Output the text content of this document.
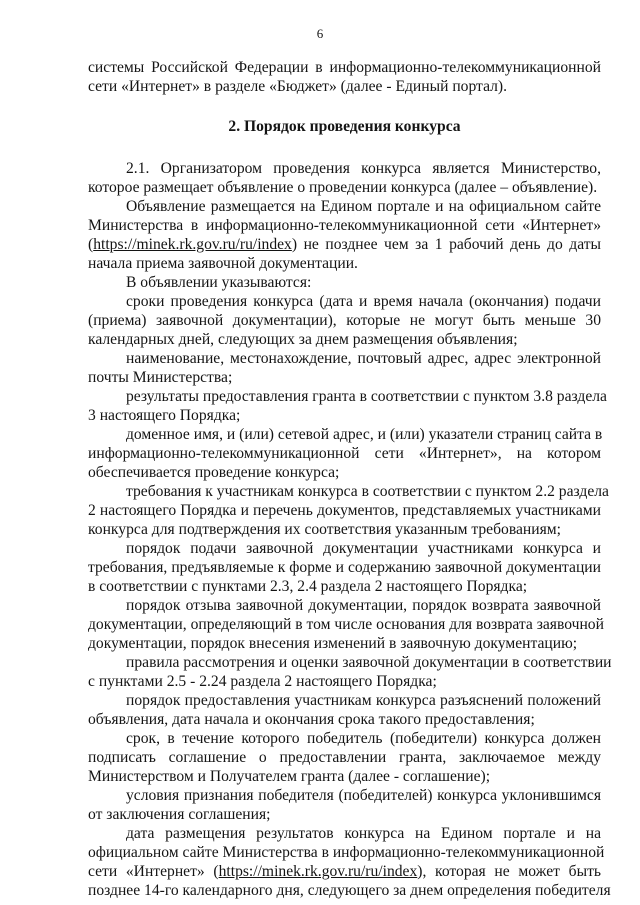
6
системы Российской Федерации в информационно-телекоммуникационной
сети «Интернет» в разделе «Бюджет» (далее - Единый портал).
2. Порядок проведения конкурса
2.1. Организатором проведения конкурса является Министерство,
которое размещает объявление о проведении конкурса (далее – объявление).
Объявление размещается на Едином портале и на официальном сайте
Министерства в информационно-телекоммуникационной сети «Интернет»
(https://minek.rk.gov.ru/ru/index) не позднее чем за 1 рабочий день до даты
начала приема заявочной документации.
В объявлении указываются:
сроки проведения конкурса (дата и время начала (окончания) подачи
(приема) заявочной документации), которые не могут быть меньше 30
календарных дней, следующих за днем размещения объявления;
наименование, местонахождение, почтовый адрес, адрес электронной
почты Министерства;
результаты предоставления гранта в соответствии с пунктом 3.8 раздела
3 настоящего Порядка;
доменное имя, и (или) сетевой адрес, и (или) указатели страниц сайта в
информационно-телекоммуникационной сети «Интернет», на котором
обеспечивается проведение конкурса;
требования к участникам конкурса в соответствии с пунктом 2.2 раздела
2 настоящего Порядка и перечень документов, представляемых участниками
конкурса для подтверждения их соответствия указанным требованиям;
порядок подачи заявочной документации участниками конкурса и
требования, предъявляемые к форме и содержанию заявочной документации
в соответствии с пунктами 2.3, 2.4 раздела 2 настоящего Порядка;
порядок отзыва заявочной документации, порядок возврата заявочной
документации, определяющий в том числе основания для возврата заявочной
документации, порядок внесения изменений в заявочную документацию;
правила рассмотрения и оценки заявочной документации в соответствии
с пунктами 2.5 - 2.24 раздела 2 настоящего Порядка;
порядок предоставления участникам конкурса разъяснений положений
объявления, дата начала и окончания срока такого предоставления;
срок, в течение которого победитель (победители) конкурса должен
подписать соглашение о предоставлении гранта, заключаемое между
Министерством и Получателем гранта (далее - соглашение);
условия признания победителя (победителей) конкурса уклонившимся
от заключения соглашения;
дата размещения результатов конкурса на Едином портале и на
официальном сайте Министерства в информационно-телекоммуникационной
сети «Интернет» (https://minek.rk.gov.ru/ru/index), которая не может быть
позднее 14-го календарного дня, следующего за днем определения победителя
